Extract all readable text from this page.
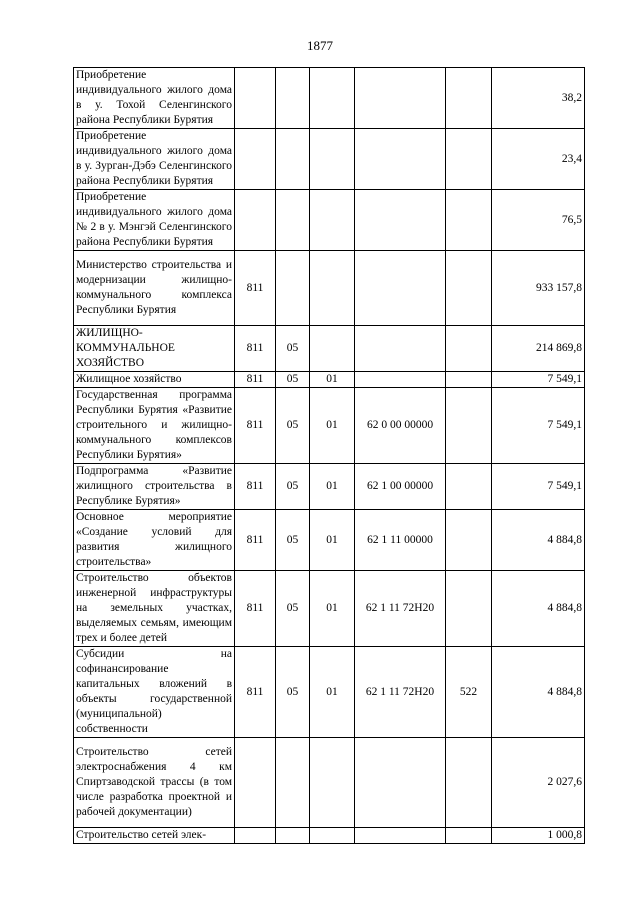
1877
Приобретение индивидуального жилого дома в у. Тохой Селенгинского района Республики Бурятия						38,2
Приобретение индивидуального жилого дома в у. Зурган-Дэбэ Селенгинского района Республики Бурятия						23,4
Приобретение индивидуального жилого дома № 2 в у. Мэнгэй Селенгинского района Республики Бурятия						76,5
Министерство строительства и модернизации жилищно-коммунального комплекса Республики Бурятия	811					933 157,8
ЖИЛИЩНО-КОММУНАЛЬНОЕ ХОЗЯЙСТВО	811	05				214 869,8
Жилищное хозяйство	811	05	01			7 549,1
Государственная программа Республики Бурятия «Развитие строительного и жилищно-коммунального комплексов Республики Бурятия»	811	05	01	62 0 00 00000		7 549,1
Подпрограмма «Развитие жилищного строительства в Республике Бурятия»	811	05	01	62 1 00 00000		7 549,1
Основное мероприятие «Создание условий для развития жилищного строительства»	811	05	01	62 1 11 00000		4 884,8
Строительство объектов инженерной инфраструктуры на земельных участках, выделяемых семьям, имеющим трех и более детей	811	05	01	62 1 11 72Н20		4 884,8
Субсидии на софинансирование капитальных вложений в объекты государственной (муниципальной) собственности	811	05	01	62 1 11 72Н20	522	4 884,8
Строительство сетей электроснабжения 4 км Спиртзаводской трассы (в том числе разработка проектной и рабочей документации)						2 027,6
Строительство сетей элек-						1 000,8
